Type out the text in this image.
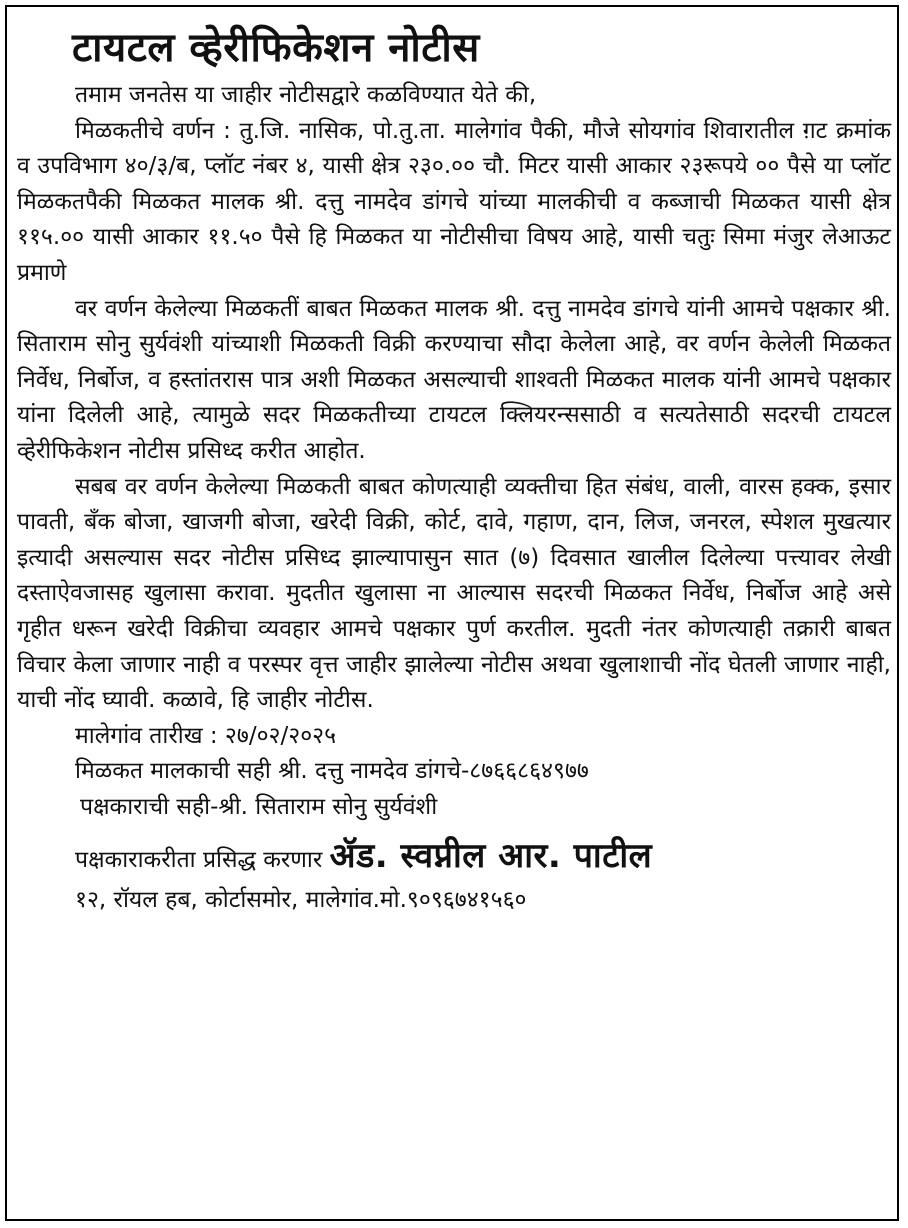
टायटल व्हेरीफिकेशन नोटीस

तमाम जनतेस या जाहीर नोटीसद्वारे कळविण्यात येते की,

मिळकतीचे वर्णन : तु.जि. नासिक, पो.तु.ता. मालेगांव पैकी, मौजे सोयगांव शिवारातील ग़ट क्रमांक व उपविभाग ४०/३/ब, प्लॉट नंबर ४, यासी क्षेत्र २३०.०० चौ. मिटर यासी आकार २३रूपये ०० पैसे या प्लॉट मिळकतपैकी मिळकत मालक श्री. दत्तु नामदेव डांगचे यांच्या मालकीची व कब्जाची मिळकत यासी क्षेत्र ११५.०० यासी आकार ११.५० पैसे हि मिळकत या नोटीसीचा विषय आहे, यासी चतुः सिमा मंजुर लेआऊट प्रमाणे

वर वर्णन केलेल्या मिळकतीं बाबत मिळकत मालक श्री. दत्तु नामदेव डांगचे यांनी आमचे पक्षकार श्री. सिताराम सोनु सुर्यवंशी यांच्याशी मिळकती विक्री करण्याचा सौदा केलेला आहे, वर वर्णन केलेली मिळकत निर्वेध, निर्बोज, व हस्तांतरास पात्र अशी मिळकत असल्याची शाश्वती मिळकत मालक यांनी आमचे पक्षकार यांना दिलेली आहे, त्यामुळे सदर मिळकतीच्या टायटल क्लियरन्ससाठी व सत्यतेसाठी सदरची टायटल व्हेरीफिकेशन नोटीस प्रसिध्द करीत आहोत.

सबब वर वर्णन केलेल्या मिळकती बाबत कोणत्याही व्यक्तीचा हित संबंध, वाली, वारस हक्क, इसार पावती, बँक बोजा, खाजगी बोजा, खरेदी विक्री, कोर्ट, दावे, गहाण, दान, लिज, जनरल, स्पेशल मुखत्यार इत्यादी असल्यास सदर नोटीस प्रसिध्द झाल्यापासुन सात (७) दिवसात खालील दिलेल्या पत्त्यावर लेखी दस्ताऐवजासह खुलासा करावा. मुदतीत खुलासा ना आल्यास सदरची मिळकत निर्वेध, निर्बोज आहे असे गृहीत धरून खरेदी विक्रीचा व्यवहार आमचे पक्षकार पुर्ण करतील. मुदती नंतर कोणत्याही तक्रारी बाबत विचार केला जाणार नाही व परस्पर वृत्त जाहीर झालेल्या नोटीस अथवा खुलाशाची नोंद घेतली जाणार नाही, याची नोंद घ्यावी. कळावे, हि जाहीर नोटीस.

मालेगांव तारीख : २७/०२/२०२५

मिळकत मालकाची सही श्री. दत्तु नामदेव डांगचे-८७६६८६४९७७

पक्षकाराची सही-श्री. सिताराम सोनु सुर्यवंशी

पक्षकाराकरीता प्रसिद्ध करणार ॲड. स्वप्नील आर. पाटील

१२, रॉयल हब, कोर्टासमोर, मालेगांव.मो.९०९६७४१५६०
